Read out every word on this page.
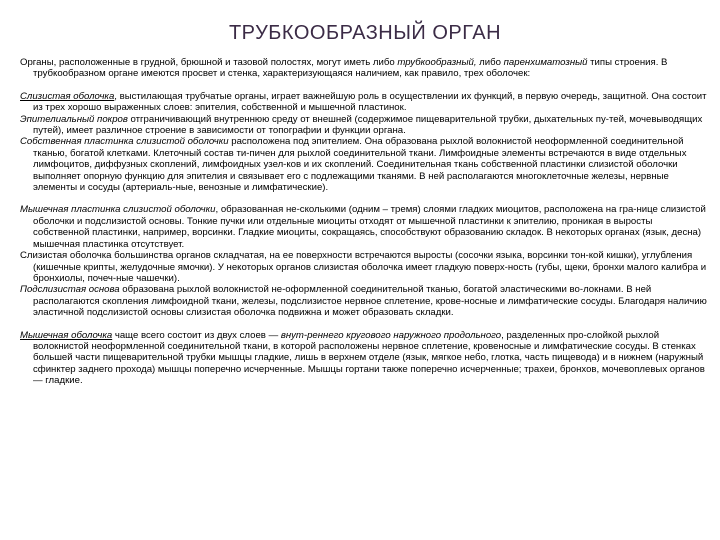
ТРУБКООБРАЗНЫЙ ОРГАН

Органы, расположенные в грудной, брюшной и тазовой полостях, могут иметь либо трубкообразный, либо паренхиматозный типы строения. В трубкообразном органе имеются просвет и стенка, характеризующаяся наличием, как правило, трех оболочек:

Слизистая оболочка, выстилающая трубчатые органы, играет важнейшую роль в осуществлении их функций, в первую очередь, защитной. Она состоит из трех хорошо выраженных слоев: эпителия, собственной и мышечной пластинок.

Эпителиальный покров отграничивающий внутреннюю среду от внешней (содержимое пищеварительной трубки, дыхательных пу-тей, мочевыводящих путей), имеет различное строение в зависимости от топографии и функции органа.

Собственная пластинка слизистой оболочки расположена под эпителием. Она образована рыхлой волокнистой неоформленной соединительной тканью, богатой клетками. Клеточный состав ти-пичен для рыхлой соединительной ткани. Лимфоидные элементы встречаются в виде отдельных лимфоцитов, диффузных скоплений, лимфоидных узел-ков и их скоплений. Соединительная ткань собственной пластинки слизистой оболочки выполняет опорную функцию для эпителия и связывает его с подлежащими тканями. В ней располагаются многоклеточные железы, нервные элементы и сосуды (артериаль-ные, венозные и лимфатические).

Мышечная пластинка слизистой оболочки, образованная не-сколькими (одним – тремя) слоями гладких миоцитов, расположена на гра-нице слизистой оболочки и подслизистой основы. Тонкие пучки или отдельные миоциты отходят от мышечной пластинки к эпителию, проникая в выросты собственной пластинки, например, ворсинки. Гладкие миоциты, сокращаясь, способствуют образованию складок. В некоторых органах (язык, десна) мышечная пластинка отсутствует.

Слизистая оболочка большинства органов складчатая, на ее поверхности встречаются выросты (сосочки языка, ворсинки тон-кой кишки), углубления (кишечные крипты, желудочные ямочки). У некоторых органов слизистая оболочка имеет гладкую поверх-ность (губы, щеки, бронхи малого калибра и бронхиолы, почеч-ные чашечки).

Подслизистая основа образована рыхлой волокнистой не-оформленной соединительной тканью, богатой эластическими во-локнами. В ней располагаются скопления лимфоидной ткани, железы, подслизистое нервное сплетение, крове-носные и лимфатические сосуды. Благодаря наличию эластичной подслизистой основы слизистая оболочка подвижна и может образовать складки.

Мышечная оболочка чаще всего состоит из двух слоев — внут-реннего кругового наружного продольного, разделенных про-слойкой рыхлой волокнистой неоформленной соединительной ткани, в которой расположены нервное сплетение, кровеносные и лимфатические сосуды. В стенках большей части пищеварительной трубки мышцы гладкие, лишь в верхнем отделе (язык, мягкое небо, глотка, часть пищевода) и в нижнем (наружный сфинктер заднего прохода) мышцы поперечно исчерченные. Мышцы гортани также поперечно исчерченные; трахеи, бронхов, мочевоплевых органов — гладкие.
